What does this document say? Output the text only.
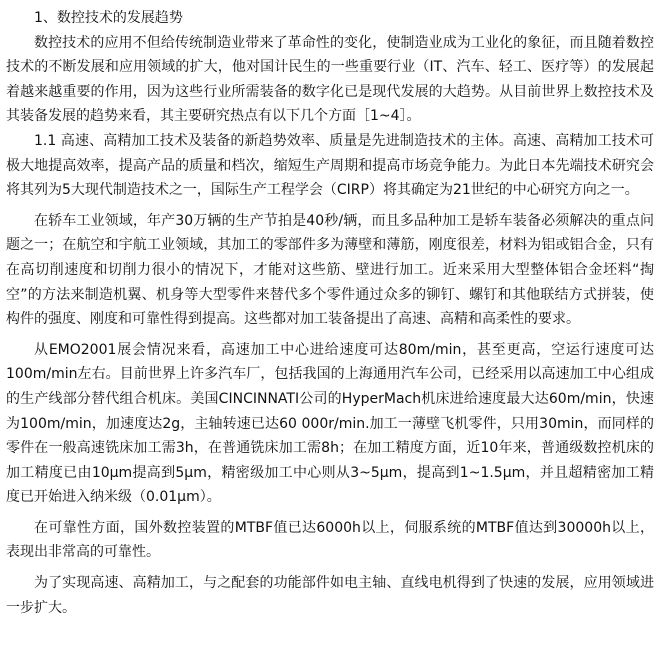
1、数控技术的发展趋势

数控技术的应用不但给传统制造业带来了革命性的变化，使制造业成为工业化的象征，而且随着数控技术的不断发展和应用领域的扩大，他对国计民生的一些重要行业（IT、汽车、轻工、医疗等）的发展起着越来越重要的作用，因为这些行业所需装备的数字化已是现代发展的大趋势。从目前世界上数控技术及其装备发展的趋势来看，其主要研究热点有以下几个方面［1~4］。

1.1 高速、高精加工技术及装备的新趋势效率、质量是先进制造技术的主体。高速、高精加工技术可极大地提高效率，提高产品的质量和档次，缩短生产周期和提高市场竞争能力。为此日本先端技术研究会将其列为5大现代制造技术之一，国际生产工程学会（CIRP）将其确定为21世纪的中心研究方向之一。

在轿车工业领域，年产30万辆的生产节拍是40秒/辆，而且多品种加工是轿车装备必须解决的重点问题之一；在航空和宇航工业领域，其加工的零部件多为薄壁和薄筋，刚度很差，材料为铝或铝合金，只有在高切削速度和切削力很小的情况下，才能对这些筋、壁进行加工。近来采用大型整体铝合金坯料“掏空”的方法来制造机翼、机身等大型零件来替代多个零件通过众多的铆钉、螺钉和其他联结方式拼装，使构件的强度、刚度和可靠性得到提高。这些都对加工装备提出了高速、高精和高柔性的要求。

从EMO2001展会情况来看，高速加工中心进给速度可达80m/min，甚至更高，空运行速度可达100m/min左右。目前世界上许多汽车厂，包括我国的上海通用汽车公司，已经采用以高速加工中心组成的生产线部分替代组合机床。美国CINCINNATI公司的HyperMach机床进给速度最大达60m/min，快速为100m/min，加速度达2g，主轴转速已达60 000r/min.加工一薄壁飞机零件，只用30min，而同样的零件在一般高速铣床加工需3h，在普通铣床加工需8h；在加工精度方面，近10年来，普通级数控机床的加工精度已由10μm提高到5μm，精密级加工中心则从3~5μm，提高到1~1.5μm，并且超精密加工精度已开始进入纳米级（0.01μm）。

在可靠性方面，国外数控装置的MTBF值已达6000h以上，伺服系统的MTBF值达到30000h以上，表现出非常高的可靠性。

为了实现高速、高精加工，与之配套的功能部件如电主轴、直线电机得到了快速的发展，应用领域进一步扩大。
